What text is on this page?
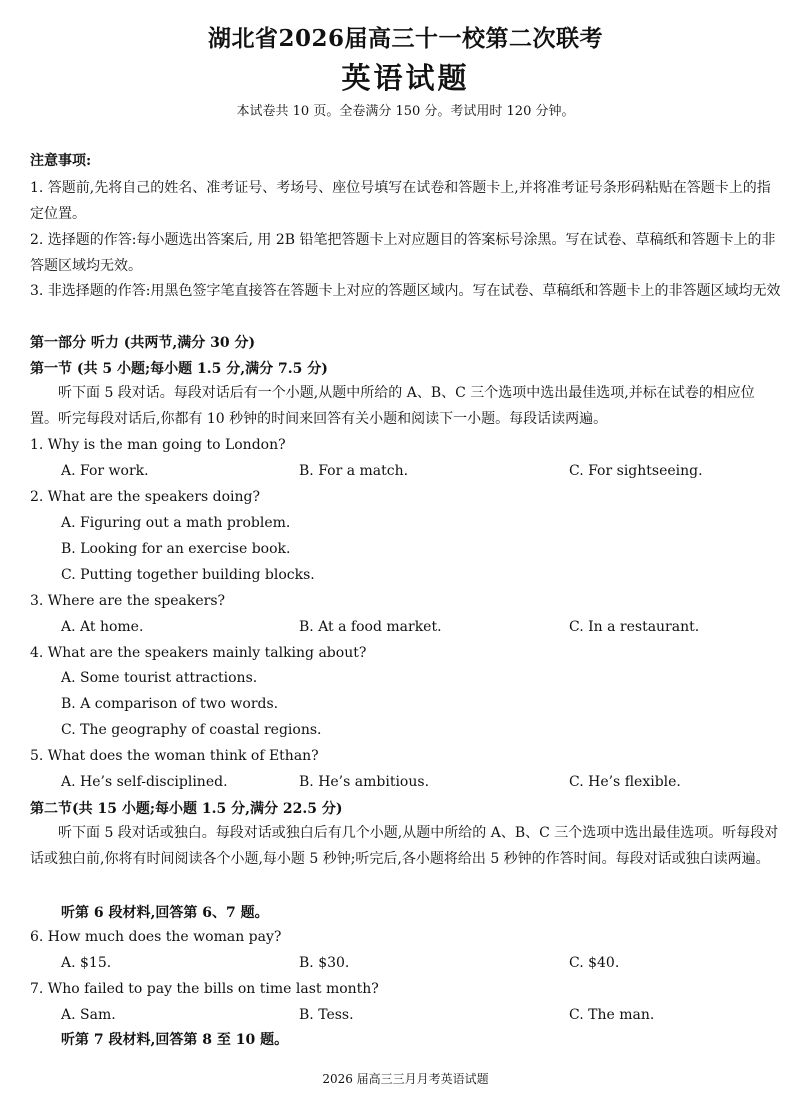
湖北省2026届高三十一校第二次联考
英语试题
本试卷共 10 页。全卷满分 150 分。考试用时 120 分钟。
注意事项:
1. 答题前,先将自己的姓名、准考证号、考场号、座位号填写在试卷和答题卡上,并将准考证号条形码粘贴在答题卡上的指定位置。
2. 选择题的作答:每小题选出答案后, 用 2B 铅笔把答题卡上对应题目的答案标号涂黑。写在试卷、草稿纸和答题卡上的非答题区域均无效。
3. 非选择题的作答:用黑色签字笔直接答在答题卡上对应的答题区域内。写在试卷、草稿纸和答题卡上的非答题区域均无效
第一部分 听力 (共两节,满分 30 分)
第一节 (共 5 小题;每小题 1.5 分,满分 7.5 分)
听下面 5 段对话。每段对话后有一个小题,从题中所给的 A、B、C 三个选项中选出最佳选项,并标在试卷的相应位置。听完每段对话后,你都有 10 秒钟的时间来回答有关小题和阅读下一小题。每段话读两遍。
1. Why is the man going to London?
A. For work.	B. For a match.	C. For sightseeing.
2. What are the speakers doing?
A. Figuring out a math problem.
B. Looking for an exercise book.
C. Putting together building blocks.
3. Where are the speakers?
A. At home.	B. At a food market.	C. In a restaurant.
4. What are the speakers mainly talking about?
A. Some tourist attractions.
B. A comparison of two words.
C. The geography of coastal regions.
5. What does the woman think of Ethan?
A. He’s self-disciplined.	B. He’s ambitious.	C. He’s flexible.
第二节(共 15 小题;每小题 1.5 分,满分 22.5 分)
听下面 5 段对话或独白。每段对话或独白后有几个小题,从题中所给的 A、B、C 三个选项中选出最佳选项。听每段对话或独白前,你将有时间阅读各个小题,每小题 5 秒钟;听完后,各小题将给出 5 秒钟的作答时间。每段对话或独白读两遍。
听第 6 段材料,回答第 6、7 题。
6. How much does the woman pay?
A. $15.	B. $30.	C. $40.
7. Who failed to pay the bills on time last month?
A. Sam.	B. Tess.	C. The man.
听第 7 段材料,回答第 8 至 10 题。
2026 届高三三月月考英语试题
